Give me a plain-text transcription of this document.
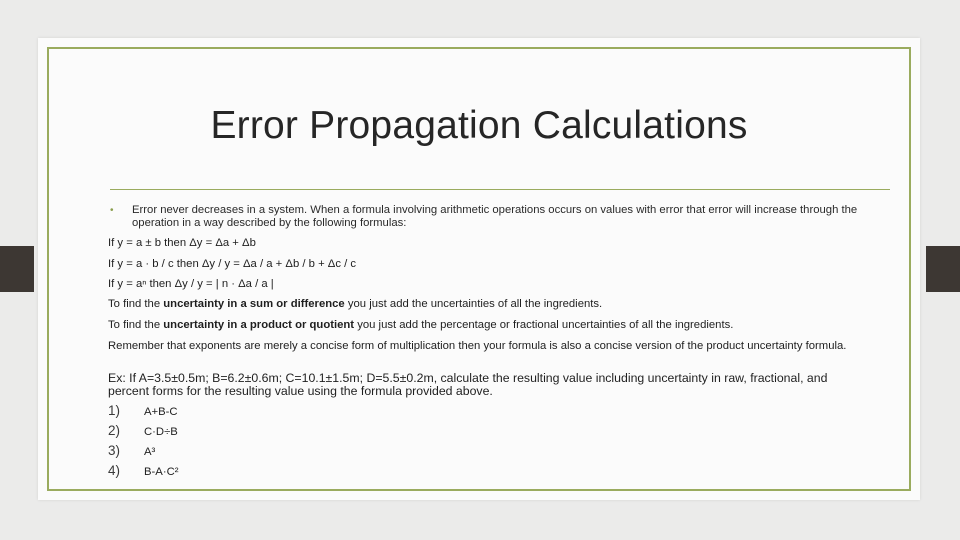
Error Propagation Calculations
•	Error never decreases in a system. When a formula involving arithmetic operations occurs on values with error that error will increase through the operation in a way described by the following formulas:
If y = a ± b then Δy = Δa + Δb
If y = a · b / c then Δy / y = Δa / a + Δb / b + Δc / c
If y = aⁿ then Δy / y = | n · Δa / a |
To find the uncertainty in a sum or difference you just add the uncertainties of all the ingredients.
To find the uncertainty in a product or quotient you just add the percentage or fractional uncertainties of all the ingredients.
Remember that exponents are merely a concise form of multiplication then your formula is also a concise version of the product uncertainty formula.
Ex: If A=3.5±0.5m; B=6.2±0.6m; C=10.1±1.5m; D=5.5±0.2m, calculate the resulting value including uncertainty in raw, fractional, and percent forms for the resulting value using the formula provided above.
1) A+B-C
2) C·D÷B
3) A³
4) B-A·C²
